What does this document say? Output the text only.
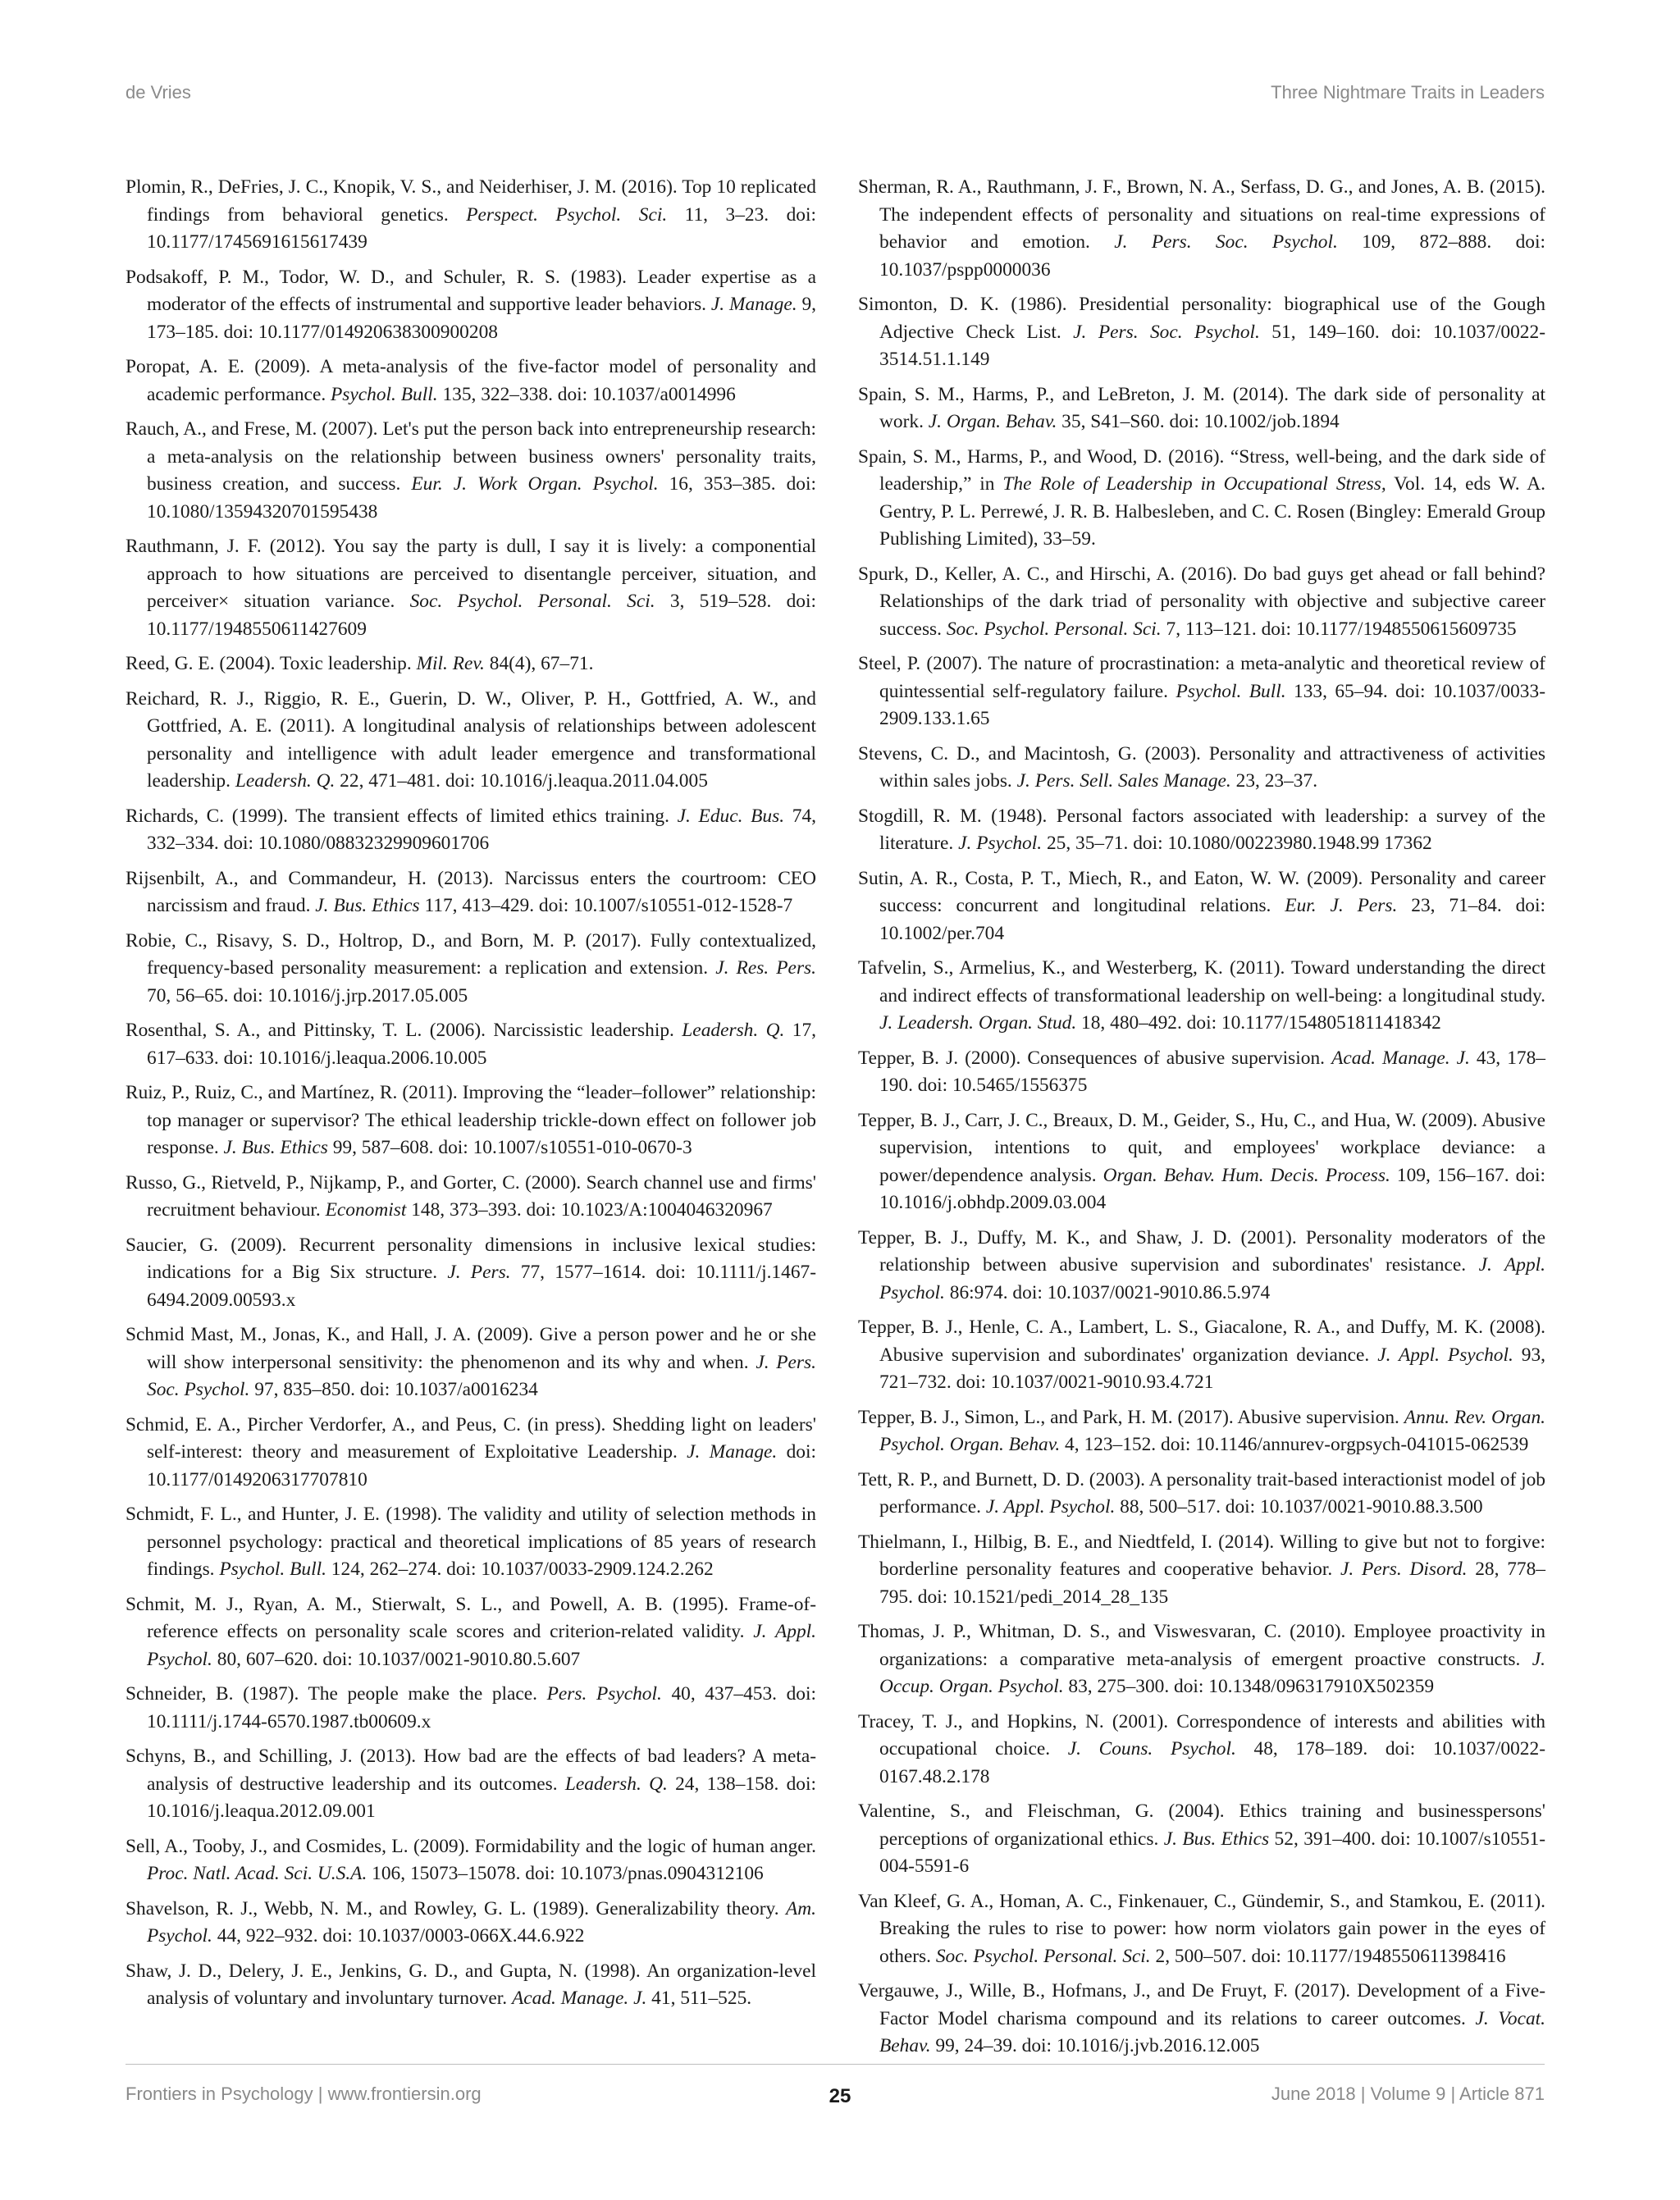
de Vries	Three Nightmare Traits in Leaders

Plomin, R., DeFries, J. C., Knopik, V. S., and Neiderhiser, J. M. (2016). Top 10 replicated findings from behavioral genetics. Perspect. Psychol. Sci. 11, 3–23. doi: 10.1177/1745691615617439

Podsakoff, P. M., Todor, W. D., and Schuler, R. S. (1983). Leader expertise as a moderator of the effects of instrumental and supportive leader behaviors. J. Manage. 9, 173–185. doi: 10.1177/014920638300900208

Poropat, A. E. (2009). A meta-analysis of the five-factor model of personality and academic performance. Psychol. Bull. 135, 322–338. doi: 10.1037/a0014996

Rauch, A., and Frese, M. (2007). Let's put the person back into entrepreneurship research: a meta-analysis on the relationship between business owners' personality traits, business creation, and success. Eur. J. Work Organ. Psychol. 16, 353–385. doi: 10.1080/13594320701595438

Rauthmann, J. F. (2012). You say the party is dull, I say it is lively: a componential approach to how situations are perceived to disentangle perceiver, situation, and perceiver× situation variance. Soc. Psychol. Personal. Sci. 3, 519–528. doi: 10.1177/1948550611427609

Reed, G. E. (2004). Toxic leadership. Mil. Rev. 84(4), 67–71.

Reichard, R. J., Riggio, R. E., Guerin, D. W., Oliver, P. H., Gottfried, A. W., and Gottfried, A. E. (2011). A longitudinal analysis of relationships between adolescent personality and intelligence with adult leader emergence and transformational leadership. Leadersh. Q. 22, 471–481. doi: 10.1016/j.leaqua.2011.04.005

Richards, C. (1999). The transient effects of limited ethics training. J. Educ. Bus. 74, 332–334. doi: 10.1080/08832329909601706

Rijsenbilt, A., and Commandeur, H. (2013). Narcissus enters the courtroom: CEO narcissism and fraud. J. Bus. Ethics 117, 413–429. doi: 10.1007/s10551-012-1528-7

Robie, C., Risavy, S. D., Holtrop, D., and Born, M. P. (2017). Fully contextualized, frequency-based personality measurement: a replication and extension. J. Res. Pers. 70, 56–65. doi: 10.1016/j.jrp.2017.05.005

Rosenthal, S. A., and Pittinsky, T. L. (2006). Narcissistic leadership. Leadersh. Q. 17, 617–633. doi: 10.1016/j.leaqua.2006.10.005

Ruiz, P., Ruiz, C., and Martínez, R. (2011). Improving the “leader–follower” relationship: top manager or supervisor? The ethical leadership trickle-down effect on follower job response. J. Bus. Ethics 99, 587–608. doi: 10.1007/s10551-010-0670-3

Russo, G., Rietveld, P., Nijkamp, P., and Gorter, C. (2000). Search channel use and firms' recruitment behaviour. Economist 148, 373–393. doi: 10.1023/A:1004046320967

Saucier, G. (2009). Recurrent personality dimensions in inclusive lexical studies: indications for a Big Six structure. J. Pers. 77, 1577–1614. doi: 10.1111/j.1467-6494.2009.00593.x

Schmid Mast, M., Jonas, K., and Hall, J. A. (2009). Give a person power and he or she will show interpersonal sensitivity: the phenomenon and its why and when. J. Pers. Soc. Psychol. 97, 835–850. doi: 10.1037/a0016234

Schmid, E. A., Pircher Verdorfer, A., and Peus, C. (in press). Shedding light on leaders' self-interest: theory and measurement of Exploitative Leadership. J. Manage. doi: 10.1177/0149206317707810

Schmidt, F. L., and Hunter, J. E. (1998). The validity and utility of selection methods in personnel psychology: practical and theoretical implications of 85 years of research findings. Psychol. Bull. 124, 262–274. doi: 10.1037/0033-2909.124.2.262

Schmit, M. J., Ryan, A. M., Stierwalt, S. L., and Powell, A. B. (1995). Frame-of-reference effects on personality scale scores and criterion-related validity. J. Appl. Psychol. 80, 607–620. doi: 10.1037/0021-9010.80.5.607

Schneider, B. (1987). The people make the place. Pers. Psychol. 40, 437–453. doi: 10.1111/j.1744-6570.1987.tb00609.x

Schyns, B., and Schilling, J. (2013). How bad are the effects of bad leaders? A meta-analysis of destructive leadership and its outcomes. Leadersh. Q. 24, 138–158. doi: 10.1016/j.leaqua.2012.09.001

Sell, A., Tooby, J., and Cosmides, L. (2009). Formidability and the logic of human anger. Proc. Natl. Acad. Sci. U.S.A. 106, 15073–15078. doi: 10.1073/pnas.0904312106

Shavelson, R. J., Webb, N. M., and Rowley, G. L. (1989). Generalizability theory. Am. Psychol. 44, 922–932. doi: 10.1037/0003-066X.44.6.922

Shaw, J. D., Delery, J. E., Jenkins, G. D., and Gupta, N. (1998). An organization-level analysis of voluntary and involuntary turnover. Acad. Manage. J. 41, 511–525.

Sherman, R. A., Rauthmann, J. F., Brown, N. A., Serfass, D. G., and Jones, A. B. (2015). The independent effects of personality and situations on real-time expressions of behavior and emotion. J. Pers. Soc. Psychol. 109, 872–888. doi: 10.1037/pspp0000036

Simonton, D. K. (1986). Presidential personality: biographical use of the Gough Adjective Check List. J. Pers. Soc. Psychol. 51, 149–160. doi: 10.1037/0022-3514.51.1.149

Spain, S. M., Harms, P., and LeBreton, J. M. (2014). The dark side of personality at work. J. Organ. Behav. 35, S41–S60. doi: 10.1002/job.1894

Spain, S. M., Harms, P., and Wood, D. (2016). “Stress, well-being, and the dark side of leadership,” in The Role of Leadership in Occupational Stress, Vol. 14, eds W. A. Gentry, P. L. Perrewé, J. R. B. Halbesleben, and C. C. Rosen (Bingley: Emerald Group Publishing Limited), 33–59.

Spurk, D., Keller, A. C., and Hirschi, A. (2016). Do bad guys get ahead or fall behind? Relationships of the dark triad of personality with objective and subjective career success. Soc. Psychol. Personal. Sci. 7, 113–121. doi: 10.1177/1948550615609735

Steel, P. (2007). The nature of procrastination: a meta-analytic and theoretical review of quintessential self-regulatory failure. Psychol. Bull. 133, 65–94. doi: 10.1037/0033-2909.133.1.65

Stevens, C. D., and Macintosh, G. (2003). Personality and attractiveness of activities within sales jobs. J. Pers. Sell. Sales Manage. 23, 23–37.

Stogdill, R. M. (1948). Personal factors associated with leadership: a survey of the literature. J. Psychol. 25, 35–71. doi: 10.1080/00223980.1948.99 17362

Sutin, A. R., Costa, P. T., Miech, R., and Eaton, W. W. (2009). Personality and career success: concurrent and longitudinal relations. Eur. J. Pers. 23, 71–84. doi: 10.1002/per.704

Tafvelin, S., Armelius, K., and Westerberg, K. (2011). Toward understanding the direct and indirect effects of transformational leadership on well-being: a longitudinal study. J. Leadersh. Organ. Stud. 18, 480–492. doi: 10.1177/1548051811418342

Tepper, B. J. (2000). Consequences of abusive supervision. Acad. Manage. J. 43, 178–190. doi: 10.5465/1556375

Tepper, B. J., Carr, J. C., Breaux, D. M., Geider, S., Hu, C., and Hua, W. (2009). Abusive supervision, intentions to quit, and employees' workplace deviance: a power/dependence analysis. Organ. Behav. Hum. Decis. Process. 109, 156–167. doi: 10.1016/j.obhdp.2009.03.004

Tepper, B. J., Duffy, M. K., and Shaw, J. D. (2001). Personality moderators of the relationship between abusive supervision and subordinates' resistance. J. Appl. Psychol. 86:974. doi: 10.1037/0021-9010.86.5.974

Tepper, B. J., Henle, C. A., Lambert, L. S., Giacalone, R. A., and Duffy, M. K. (2008). Abusive supervision and subordinates' organization deviance. J. Appl. Psychol. 93, 721–732. doi: 10.1037/0021-9010.93.4.721

Tepper, B. J., Simon, L., and Park, H. M. (2017). Abusive supervision. Annu. Rev. Organ. Psychol. Organ. Behav. 4, 123–152. doi: 10.1146/annurev-orgpsych-041015-062539

Tett, R. P., and Burnett, D. D. (2003). A personality trait-based interactionist model of job performance. J. Appl. Psychol. 88, 500–517. doi: 10.1037/0021-9010.88.3.500

Thielmann, I., Hilbig, B. E., and Niedtfeld, I. (2014). Willing to give but not to forgive: borderline personality features and cooperative behavior. J. Pers. Disord. 28, 778–795. doi: 10.1521/pedi_2014_28_135

Thomas, J. P., Whitman, D. S., and Viswesvaran, C. (2010). Employee proactivity in organizations: a comparative meta-analysis of emergent proactive constructs. J. Occup. Organ. Psychol. 83, 275–300. doi: 10.1348/096317910X502359

Tracey, T. J., and Hopkins, N. (2001). Correspondence of interests and abilities with occupational choice. J. Couns. Psychol. 48, 178–189. doi: 10.1037/0022-0167.48.2.178

Valentine, S., and Fleischman, G. (2004). Ethics training and businesspersons' perceptions of organizational ethics. J. Bus. Ethics 52, 391–400. doi: 10.1007/s10551-004-5591-6

Van Kleef, G. A., Homan, A. C., Finkenauer, C., Gündemir, S., and Stamkou, E. (2011). Breaking the rules to rise to power: how norm violators gain power in the eyes of others. Soc. Psychol. Personal. Sci. 2, 500–507. doi: 10.1177/1948550611398416

Vergauwe, J., Wille, B., Hofmans, J., and De Fruyt, F. (2017). Development of a Five-Factor Model charisma compound and its relations to career outcomes. J. Vocat. Behav. 99, 24–39. doi: 10.1016/j.jvb.2016.12.005

Frontiers in Psychology | www.frontiersin.org	25	June 2018 | Volume 9 | Article 871
